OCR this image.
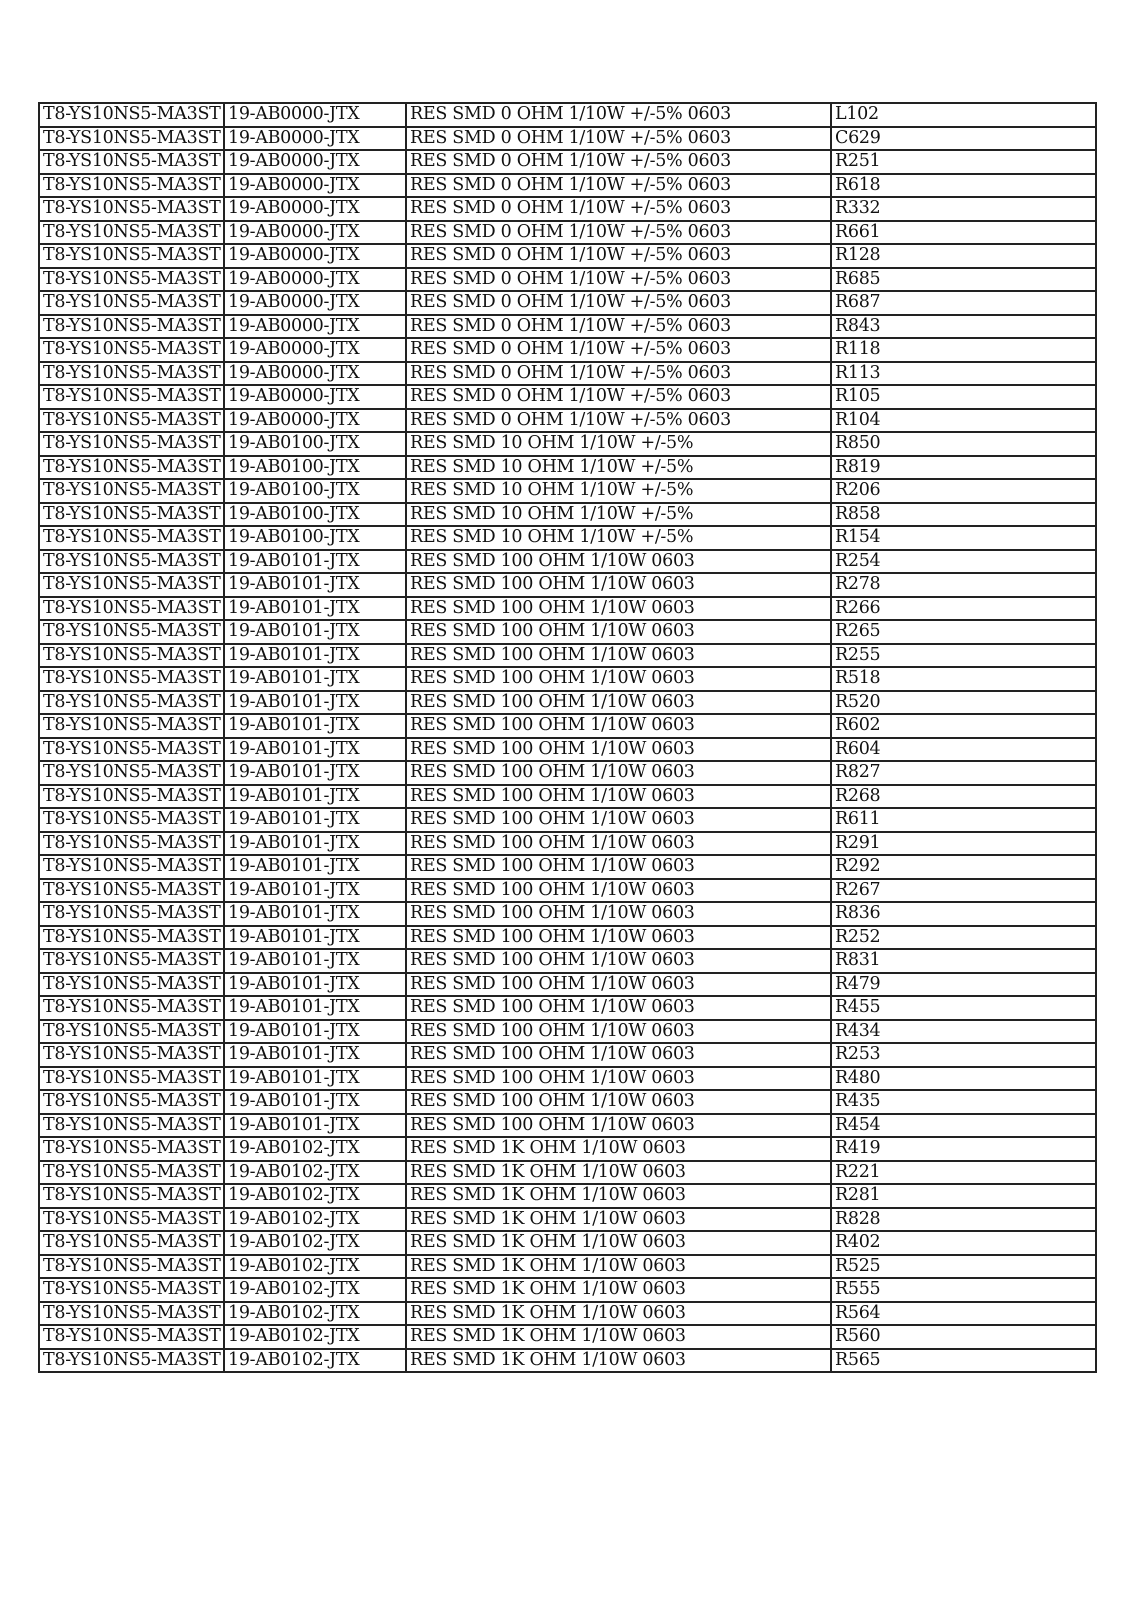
T8-YS10NS5-MA3ST	19-AB0000-JTX	RES SMD 0 OHM 1/10W +/-5% 0603	L102
T8-YS10NS5-MA3ST	19-AB0000-JTX	RES SMD 0 OHM 1/10W +/-5% 0603	C629
T8-YS10NS5-MA3ST	19-AB0000-JTX	RES SMD 0 OHM 1/10W +/-5% 0603	R251
T8-YS10NS5-MA3ST	19-AB0000-JTX	RES SMD 0 OHM 1/10W +/-5% 0603	R618
T8-YS10NS5-MA3ST	19-AB0000-JTX	RES SMD 0 OHM 1/10W +/-5% 0603	R332
T8-YS10NS5-MA3ST	19-AB0000-JTX	RES SMD 0 OHM 1/10W +/-5% 0603	R661
T8-YS10NS5-MA3ST	19-AB0000-JTX	RES SMD 0 OHM 1/10W +/-5% 0603	R128
T8-YS10NS5-MA3ST	19-AB0000-JTX	RES SMD 0 OHM 1/10W +/-5% 0603	R685
T8-YS10NS5-MA3ST	19-AB0000-JTX	RES SMD 0 OHM 1/10W +/-5% 0603	R687
T8-YS10NS5-MA3ST	19-AB0000-JTX	RES SMD 0 OHM 1/10W +/-5% 0603	R843
T8-YS10NS5-MA3ST	19-AB0000-JTX	RES SMD 0 OHM 1/10W +/-5% 0603	R118
T8-YS10NS5-MA3ST	19-AB0000-JTX	RES SMD 0 OHM 1/10W +/-5% 0603	R113
T8-YS10NS5-MA3ST	19-AB0000-JTX	RES SMD 0 OHM 1/10W +/-5% 0603	R105
T8-YS10NS5-MA3ST	19-AB0000-JTX	RES SMD 0 OHM 1/10W +/-5% 0603	R104
T8-YS10NS5-MA3ST	19-AB0100-JTX	RES SMD 10 OHM 1/10W +/-5%	R850
T8-YS10NS5-MA3ST	19-AB0100-JTX	RES SMD 10 OHM 1/10W +/-5%	R819
T8-YS10NS5-MA3ST	19-AB0100-JTX	RES SMD 10 OHM 1/10W +/-5%	R206
T8-YS10NS5-MA3ST	19-AB0100-JTX	RES SMD 10 OHM 1/10W +/-5%	R858
T8-YS10NS5-MA3ST	19-AB0100-JTX	RES SMD 10 OHM 1/10W +/-5%	R154
T8-YS10NS5-MA3ST	19-AB0101-JTX	RES SMD 100 OHM 1/10W 0603	R254
T8-YS10NS5-MA3ST	19-AB0101-JTX	RES SMD 100 OHM 1/10W 0603	R278
T8-YS10NS5-MA3ST	19-AB0101-JTX	RES SMD 100 OHM 1/10W 0603	R266
T8-YS10NS5-MA3ST	19-AB0101-JTX	RES SMD 100 OHM 1/10W 0603	R265
T8-YS10NS5-MA3ST	19-AB0101-JTX	RES SMD 100 OHM 1/10W 0603	R255
T8-YS10NS5-MA3ST	19-AB0101-JTX	RES SMD 100 OHM 1/10W 0603	R518
T8-YS10NS5-MA3ST	19-AB0101-JTX	RES SMD 100 OHM 1/10W 0603	R520
T8-YS10NS5-MA3ST	19-AB0101-JTX	RES SMD 100 OHM 1/10W 0603	R602
T8-YS10NS5-MA3ST	19-AB0101-JTX	RES SMD 100 OHM 1/10W 0603	R604
T8-YS10NS5-MA3ST	19-AB0101-JTX	RES SMD 100 OHM 1/10W 0603	R827
T8-YS10NS5-MA3ST	19-AB0101-JTX	RES SMD 100 OHM 1/10W 0603	R268
T8-YS10NS5-MA3ST	19-AB0101-JTX	RES SMD 100 OHM 1/10W 0603	R611
T8-YS10NS5-MA3ST	19-AB0101-JTX	RES SMD 100 OHM 1/10W 0603	R291
T8-YS10NS5-MA3ST	19-AB0101-JTX	RES SMD 100 OHM 1/10W 0603	R292
T8-YS10NS5-MA3ST	19-AB0101-JTX	RES SMD 100 OHM 1/10W 0603	R267
T8-YS10NS5-MA3ST	19-AB0101-JTX	RES SMD 100 OHM 1/10W 0603	R836
T8-YS10NS5-MA3ST	19-AB0101-JTX	RES SMD 100 OHM 1/10W 0603	R252
T8-YS10NS5-MA3ST	19-AB0101-JTX	RES SMD 100 OHM 1/10W 0603	R831
T8-YS10NS5-MA3ST	19-AB0101-JTX	RES SMD 100 OHM 1/10W 0603	R479
T8-YS10NS5-MA3ST	19-AB0101-JTX	RES SMD 100 OHM 1/10W 0603	R455
T8-YS10NS5-MA3ST	19-AB0101-JTX	RES SMD 100 OHM 1/10W 0603	R434
T8-YS10NS5-MA3ST	19-AB0101-JTX	RES SMD 100 OHM 1/10W 0603	R253
T8-YS10NS5-MA3ST	19-AB0101-JTX	RES SMD 100 OHM 1/10W 0603	R480
T8-YS10NS5-MA3ST	19-AB0101-JTX	RES SMD 100 OHM 1/10W 0603	R435
T8-YS10NS5-MA3ST	19-AB0101-JTX	RES SMD 100 OHM 1/10W 0603	R454
T8-YS10NS5-MA3ST	19-AB0102-JTX	RES SMD 1K OHM 1/10W 0603	R419
T8-YS10NS5-MA3ST	19-AB0102-JTX	RES SMD 1K OHM 1/10W 0603	R221
T8-YS10NS5-MA3ST	19-AB0102-JTX	RES SMD 1K OHM 1/10W 0603	R281
T8-YS10NS5-MA3ST	19-AB0102-JTX	RES SMD 1K OHM 1/10W 0603	R828
T8-YS10NS5-MA3ST	19-AB0102-JTX	RES SMD 1K OHM 1/10W 0603	R402
T8-YS10NS5-MA3ST	19-AB0102-JTX	RES SMD 1K OHM 1/10W 0603	R525
T8-YS10NS5-MA3ST	19-AB0102-JTX	RES SMD 1K OHM 1/10W 0603	R555
T8-YS10NS5-MA3ST	19-AB0102-JTX	RES SMD 1K OHM 1/10W 0603	R564
T8-YS10NS5-MA3ST	19-AB0102-JTX	RES SMD 1K OHM 1/10W 0603	R560
T8-YS10NS5-MA3ST	19-AB0102-JTX	RES SMD 1K OHM 1/10W 0603	R565
